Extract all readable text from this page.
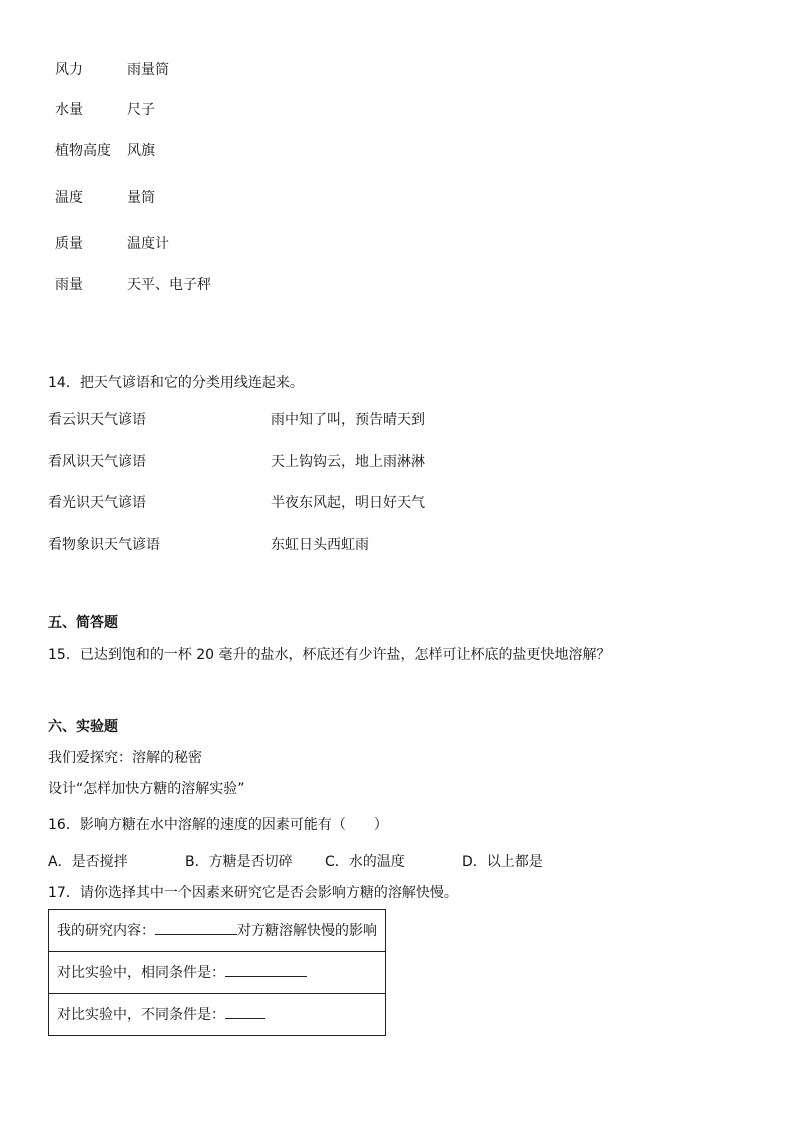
风力	雨量筒
水量	尺子
植物高度 风旗
温度	量筒
质量	温度计
雨量	天平、电子秤
14．把天气谚语和它的分类用线连起来。
看云识天气谚语	雨中知了叫，预告晴天到
看风识天气谚语	天上钩钩云，地上雨淋淋
看光识天气谚语	半夜东风起，明日好天气
看物象识天气谚语	东虹日头西虹雨
五、简答题
15．已达到饱和的一杯 20 毫升的盐水，杯底还有少许盐，怎样可让杯底的盐更快地溶解？
六、实验题
我们爱探究：溶解的秘密
设计“怎样加快方糖的溶解实验”
16．影响方糖在水中溶解的速度的因素可能有（　　）
A．是否搅拌	B．方糖是否切碎 C．水的温度	D．以上都是
17．请你选择其中一个因素来研究它是否会影响方糖的溶解快慢。
我的研究内容：	对方糖溶解快慢的影响
对比实验中，相同条件是：
对比实验中，不同条件是：
